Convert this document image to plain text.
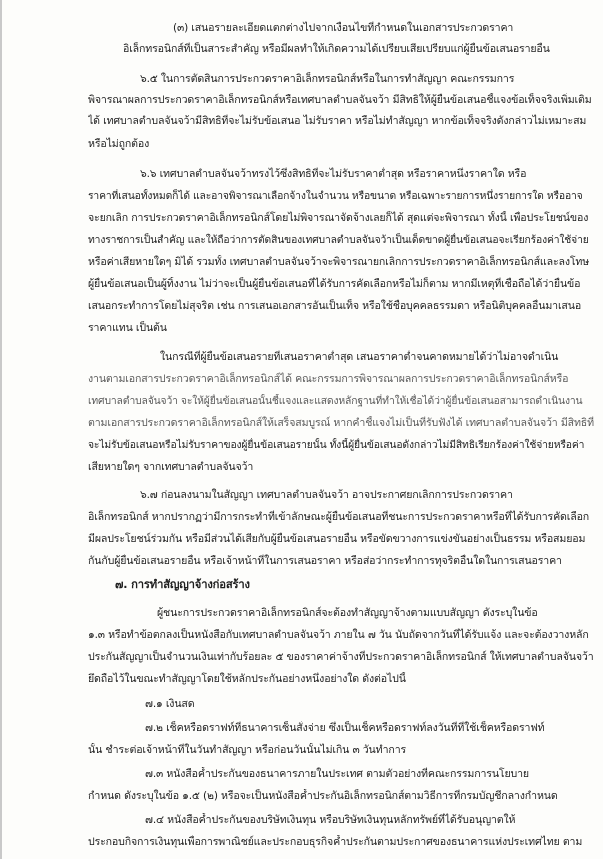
(๓) เสนอรายละเอียดแตกต่างไปจากเงื่อนไขที่กำหนดในเอกสารประกวดราคา
อิเล็กทรอนิกส์ที่เป็นสาระสำคัญ หรือมีผลทำให้เกิดความได้เปรียบเสียเปรียบแก่ผู้ยื่นข้อเสนอรายอื่น
๖.๕ ในการตัดสินการประกวดราคาอิเล็กทรอนิกส์หรือในการทำสัญญา คณะกรรมการ
พิจารณาผลการประกวดราคาอิเล็กทรอนิกส์หรือเทศบาลตำบลจันจว้า มีสิทธิให้ผู้ยื่นข้อเสนอชี้แจงข้อเท็จจริงเพิ่มเติม
ได้ เทศบาลตำบลจันจว้ามีสิทธิที่จะไม่รับข้อเสนอ ไม่รับราคา หรือไม่ทำสัญญา หากข้อเท็จจริงดังกล่าวไม่เหมาะสม
หรือไม่ถูกต้อง
๖.๖ เทศบาลตำบลจันจว้าทรงไว้ซึ่งสิทธิที่จะไม่รับราคาต่ำสุด หรือราคาหนึ่งราคาใด หรือ
ราคาที่เสนอทั้งหมดก็ได้ และอาจพิจารณาเลือกจ้างในจำนวน หรือขนาด หรือเฉพาะรายการหนึ่งรายการใด หรืออาจ
จะยกเลิก การประกวดราคาอิเล็กทรอนิกส์โดยไม่พิจารณาจัดจ้างเลยก็ได้ สุดแต่จะพิจารณา ทั้งนี้ เพื่อประโยชน์ของ
ทางราชการเป็นสำคัญ และให้ถือว่าการตัดสินของเทศบาลตำบลจันจว้าเป็นเด็ดขาดผู้ยื่นข้อเสนอจะเรียกร้องค่าใช้จ่าย
หรือค่าเสียหายใดๆ มิได้ รวมทั้ง เทศบาลตำบลจันจว้าจะพิจารณายกเลิกการประกวดราคาอิเล็กทรอนิกส์และลงโทษ
ผู้ยื่นข้อเสนอเป็นผู้ทิ้งงาน ไม่ว่าจะเป็นผู้ยื่นข้อเสนอที่ได้รับการคัดเลือกหรือไม่ก็ตาม หากมีเหตุที่เชื่อถือได้ว่ายื่นข้อ
เสนอกระทำการโดยไม่สุจริต เช่น การเสนอเอกสารอันเป็นเท็จ หรือใช้ชื่อบุคคลธรรมดา หรือนิติบุคคลอื่นมาเสนอ
ราคาแทน เป็นต้น
ในกรณีที่ผู้ยื่นข้อเสนอรายที่เสนอราคาต่ำสุด เสนอราคาต่ำจนคาดหมายได้ว่าไม่อาจดำเนิน
งานตามเอกสารประกวดราคาอิเล็กทรอนิกส์ได้ คณะกรรมการพิจารณาผลการประกวดราคาอิเล็กทรอนิกส์หรือ
เทศบาลตำบลจันจว้า จะให้ผู้ยื่นข้อเสนอนั้นชี้แจงและแสดงหลักฐานที่ทำให้เชื่อได้ว่าผู้ยื่นข้อเสนอสามารถดำเนินงาน
ตามเอกสารประกวดราคาอิเล็กทรอนิกส์ให้เสร็จสมบูรณ์ หากคำชี้แจงไม่เป็นที่รับฟังได้ เทศบาลตำบลจันจว้า มีสิทธิที่
จะไม่รับข้อเสนอหรือไม่รับราคาของผู้ยื่นข้อเสนอรายนั้น ทั้งนี้ผู้ยื่นข้อเสนอดังกล่าวไม่มีสิทธิเรียกร้องค่าใช้จ่ายหรือค่า
เสียหายใดๆ จากเทศบาลตำบลจันจว้า
๖.๗ ก่อนลงนามในสัญญา เทศบาลตำบลจันจว้า อาจประกาศยกเลิกการประกวดราคา
อิเล็กทรอนิกส์ หากปรากฏว่ามีการกระทำที่เข้าลักษณะผู้ยื่นข้อเสนอที่ชนะการประกวดราคาหรือที่ได้รับการคัดเลือก
มีผลประโยชน์ร่วมกัน หรือมีส่วนได้เสียกับผู้ยื่นข้อเสนอรายอื่น หรือขัดขวางการแข่งขันอย่างเป็นธรรม หรือสมยอม
กันกับผู้ยื่นข้อเสนอรายอื่น หรือเจ้าหน้าที่ในการเสนอราคา หรือส่อว่ากระทำการทุจริตอื่นใดในการเสนอราคา
๗. การทำสัญญาจ้างก่อสร้าง
ผู้ชนะการประกวดราคาอิเล็กทรอนิกส์จะต้องทำสัญญาจ้างตามแบบสัญญา ดังระบุในข้อ
๑.๓ หรือทำข้อตกลงเป็นหนังสือกับเทศบาลตำบลจันจว้า ภายใน ๗ วัน นับถัดจากวันที่ได้รับแจ้ง และจะต้องวางหลัก
ประกันสัญญาเป็นจำนวนเงินเท่ากับร้อยละ ๕ ของราคาค่าจ้างที่ประกวดราคาอิเล็กทรอนิกส์ ให้เทศบาลตำบลจันจว้า
ยึดถือไว้ในขณะทำสัญญาโดยใช้หลักประกันอย่างหนึ่งอย่างใด ดังต่อไปนี้
๗.๑ เงินสด
๗.๒ เช็คหรือดราฟท์ที่ธนาคารเซ็นสั่งจ่าย ซึ่งเป็นเช็คหรือดราฟท์ลงวันที่ที่ใช้เช็คหรือดราฟท์
นั้น ชำระต่อเจ้าหน้าที่ในวันทำสัญญา หรือก่อนวันนั้นไม่เกิน ๓ วันทำการ
๗.๓ หนังสือค้ำประกันของธนาคารภายในประเทศ ตามตัวอย่างที่คณะกรรมการนโยบาย
กำหนด ดังระบุในข้อ ๑.๕ (๒) หรือจะเป็นหนังสือค้ำประกันอิเล็กทรอนิกส์ตามวิธีการที่กรมบัญชีกลางกำหนด
๗.๔ หนังสือค้ำประกันของบริษัทเงินทุน หรือบริษัทเงินทุนหลักทรัพย์ที่ได้รับอนุญาตให้
ประกอบกิจการเงินทุนเพื่อการพาณิชย์และประกอบธุรกิจค้ำประกันตามประกาศของธนาคารแห่งประเทศไทย ตาม
